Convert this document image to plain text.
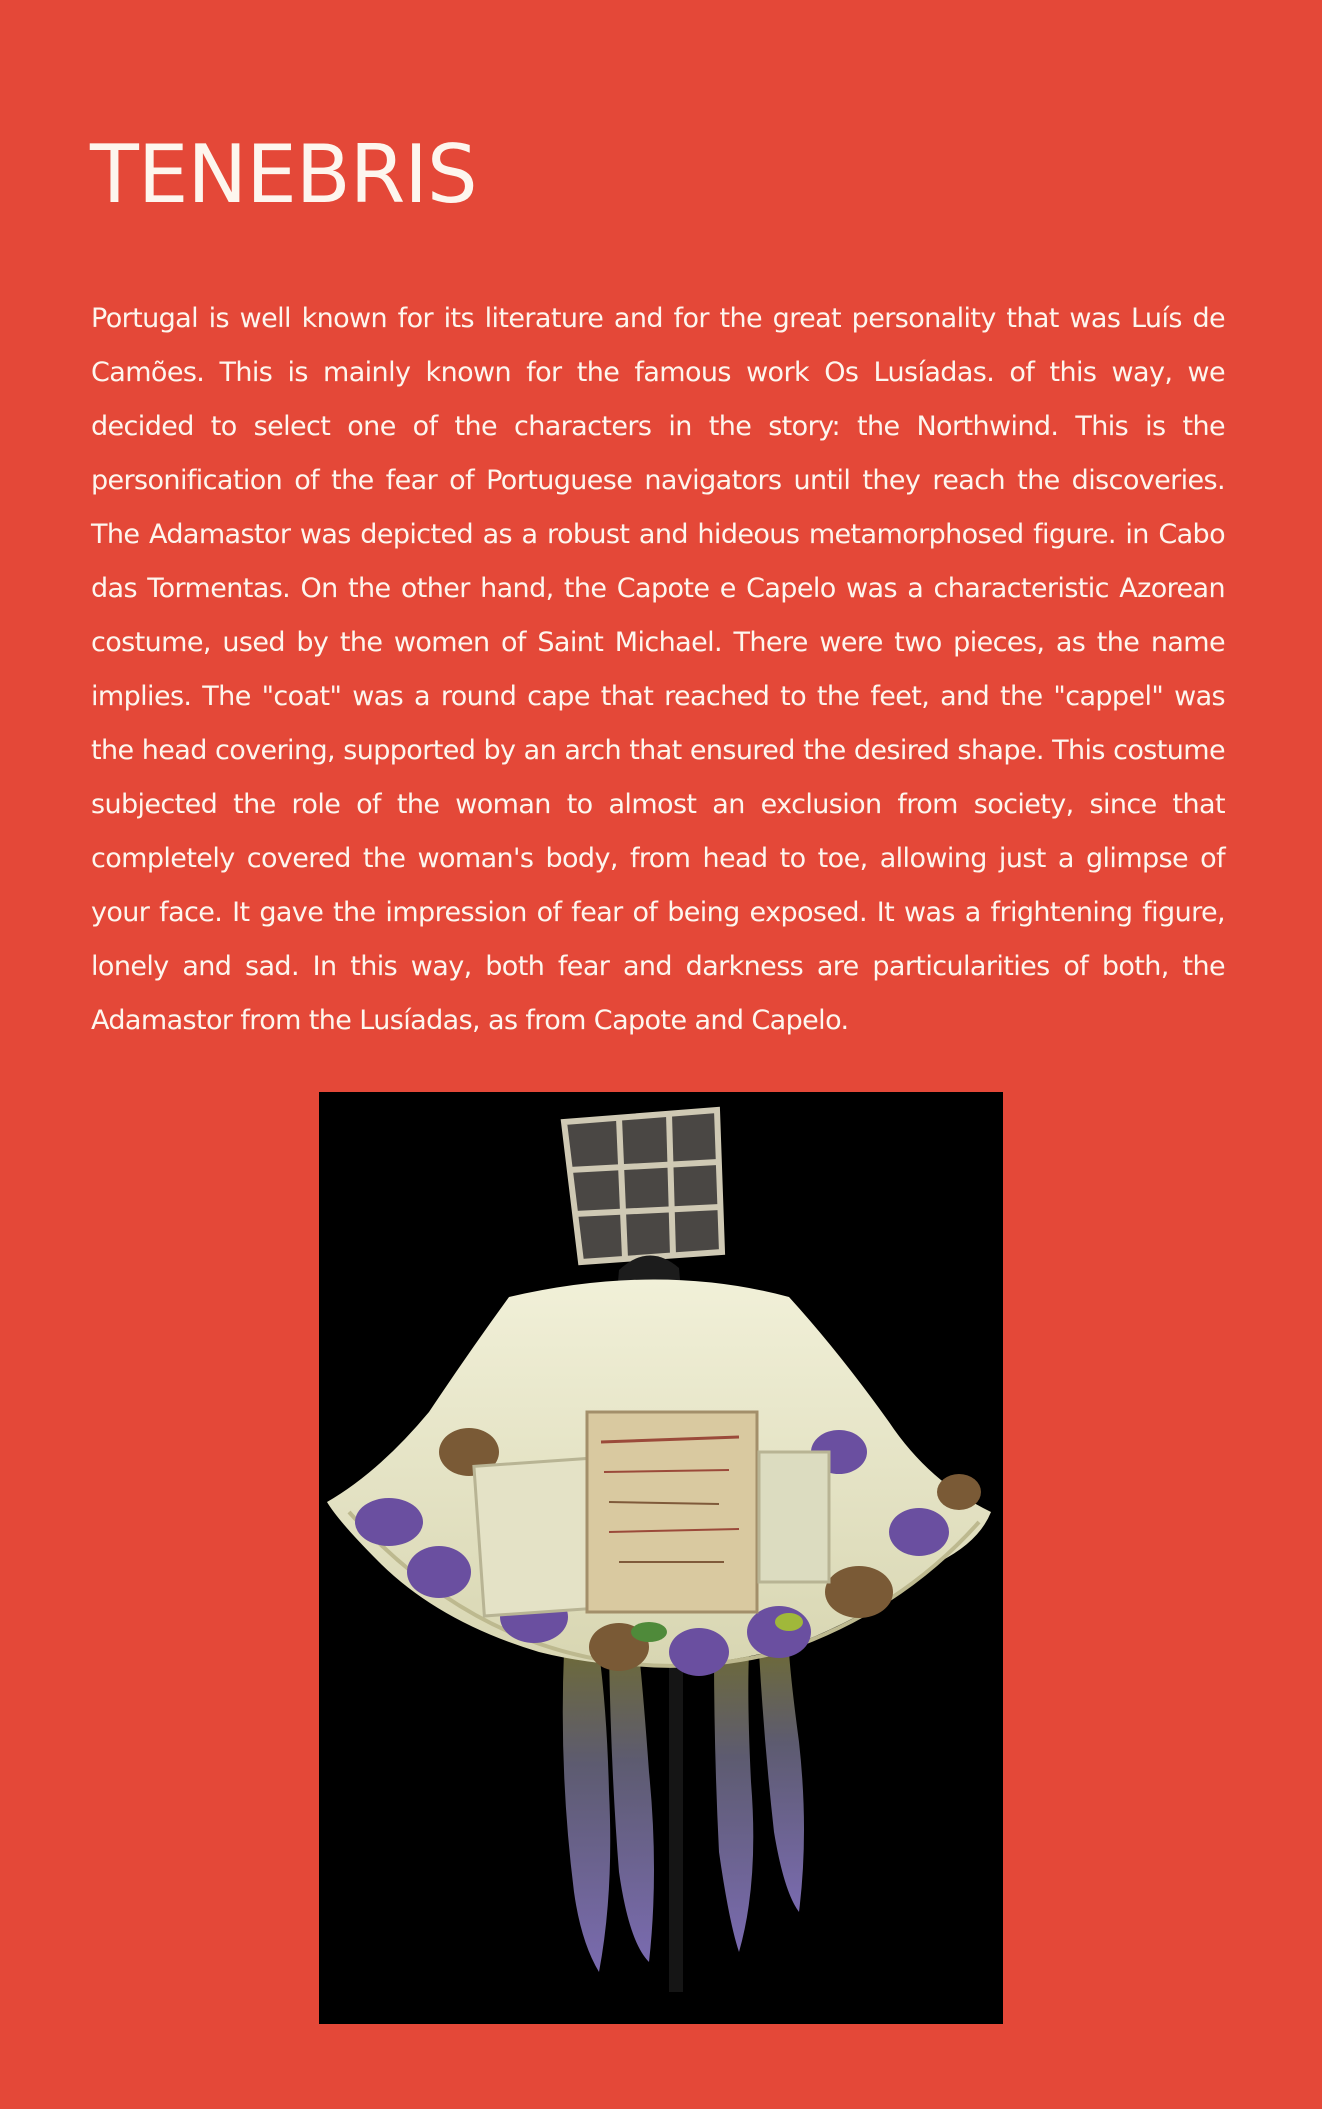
TENEBRIS

Portugal is well known for its literature and for the great personality that was Luís de Camões. This is mainly known for the famous work Os Lusíadas. of this way, we decided to select one of the characters in the story: the Northwind. This is the personification of the fear of Portuguese navigators until they reach the discoveries. The Adamastor was depicted as a robust and hideous metamorphosed figure. in Cabo das Tormentas. On the other hand, the Capote e Capelo was a characteristic Azorean costume, used by the women of Saint Michael. There were two pieces, as the name implies. The "coat" was a round cape that reached to the feet, and the "cappel" was the head covering, supported by an arch that ensured the desired shape. This costume subjected the role of the woman to almost an exclusion from society, since that completely covered the woman's body, from head to toe, allowing just a glimpse of your face. It gave the impression of fear of being exposed. It was a frightening figure, lonely and sad. In this way, both fear and darkness are particularities of both, the Adamastor from the Lusíadas, as from Capote and Capelo.
